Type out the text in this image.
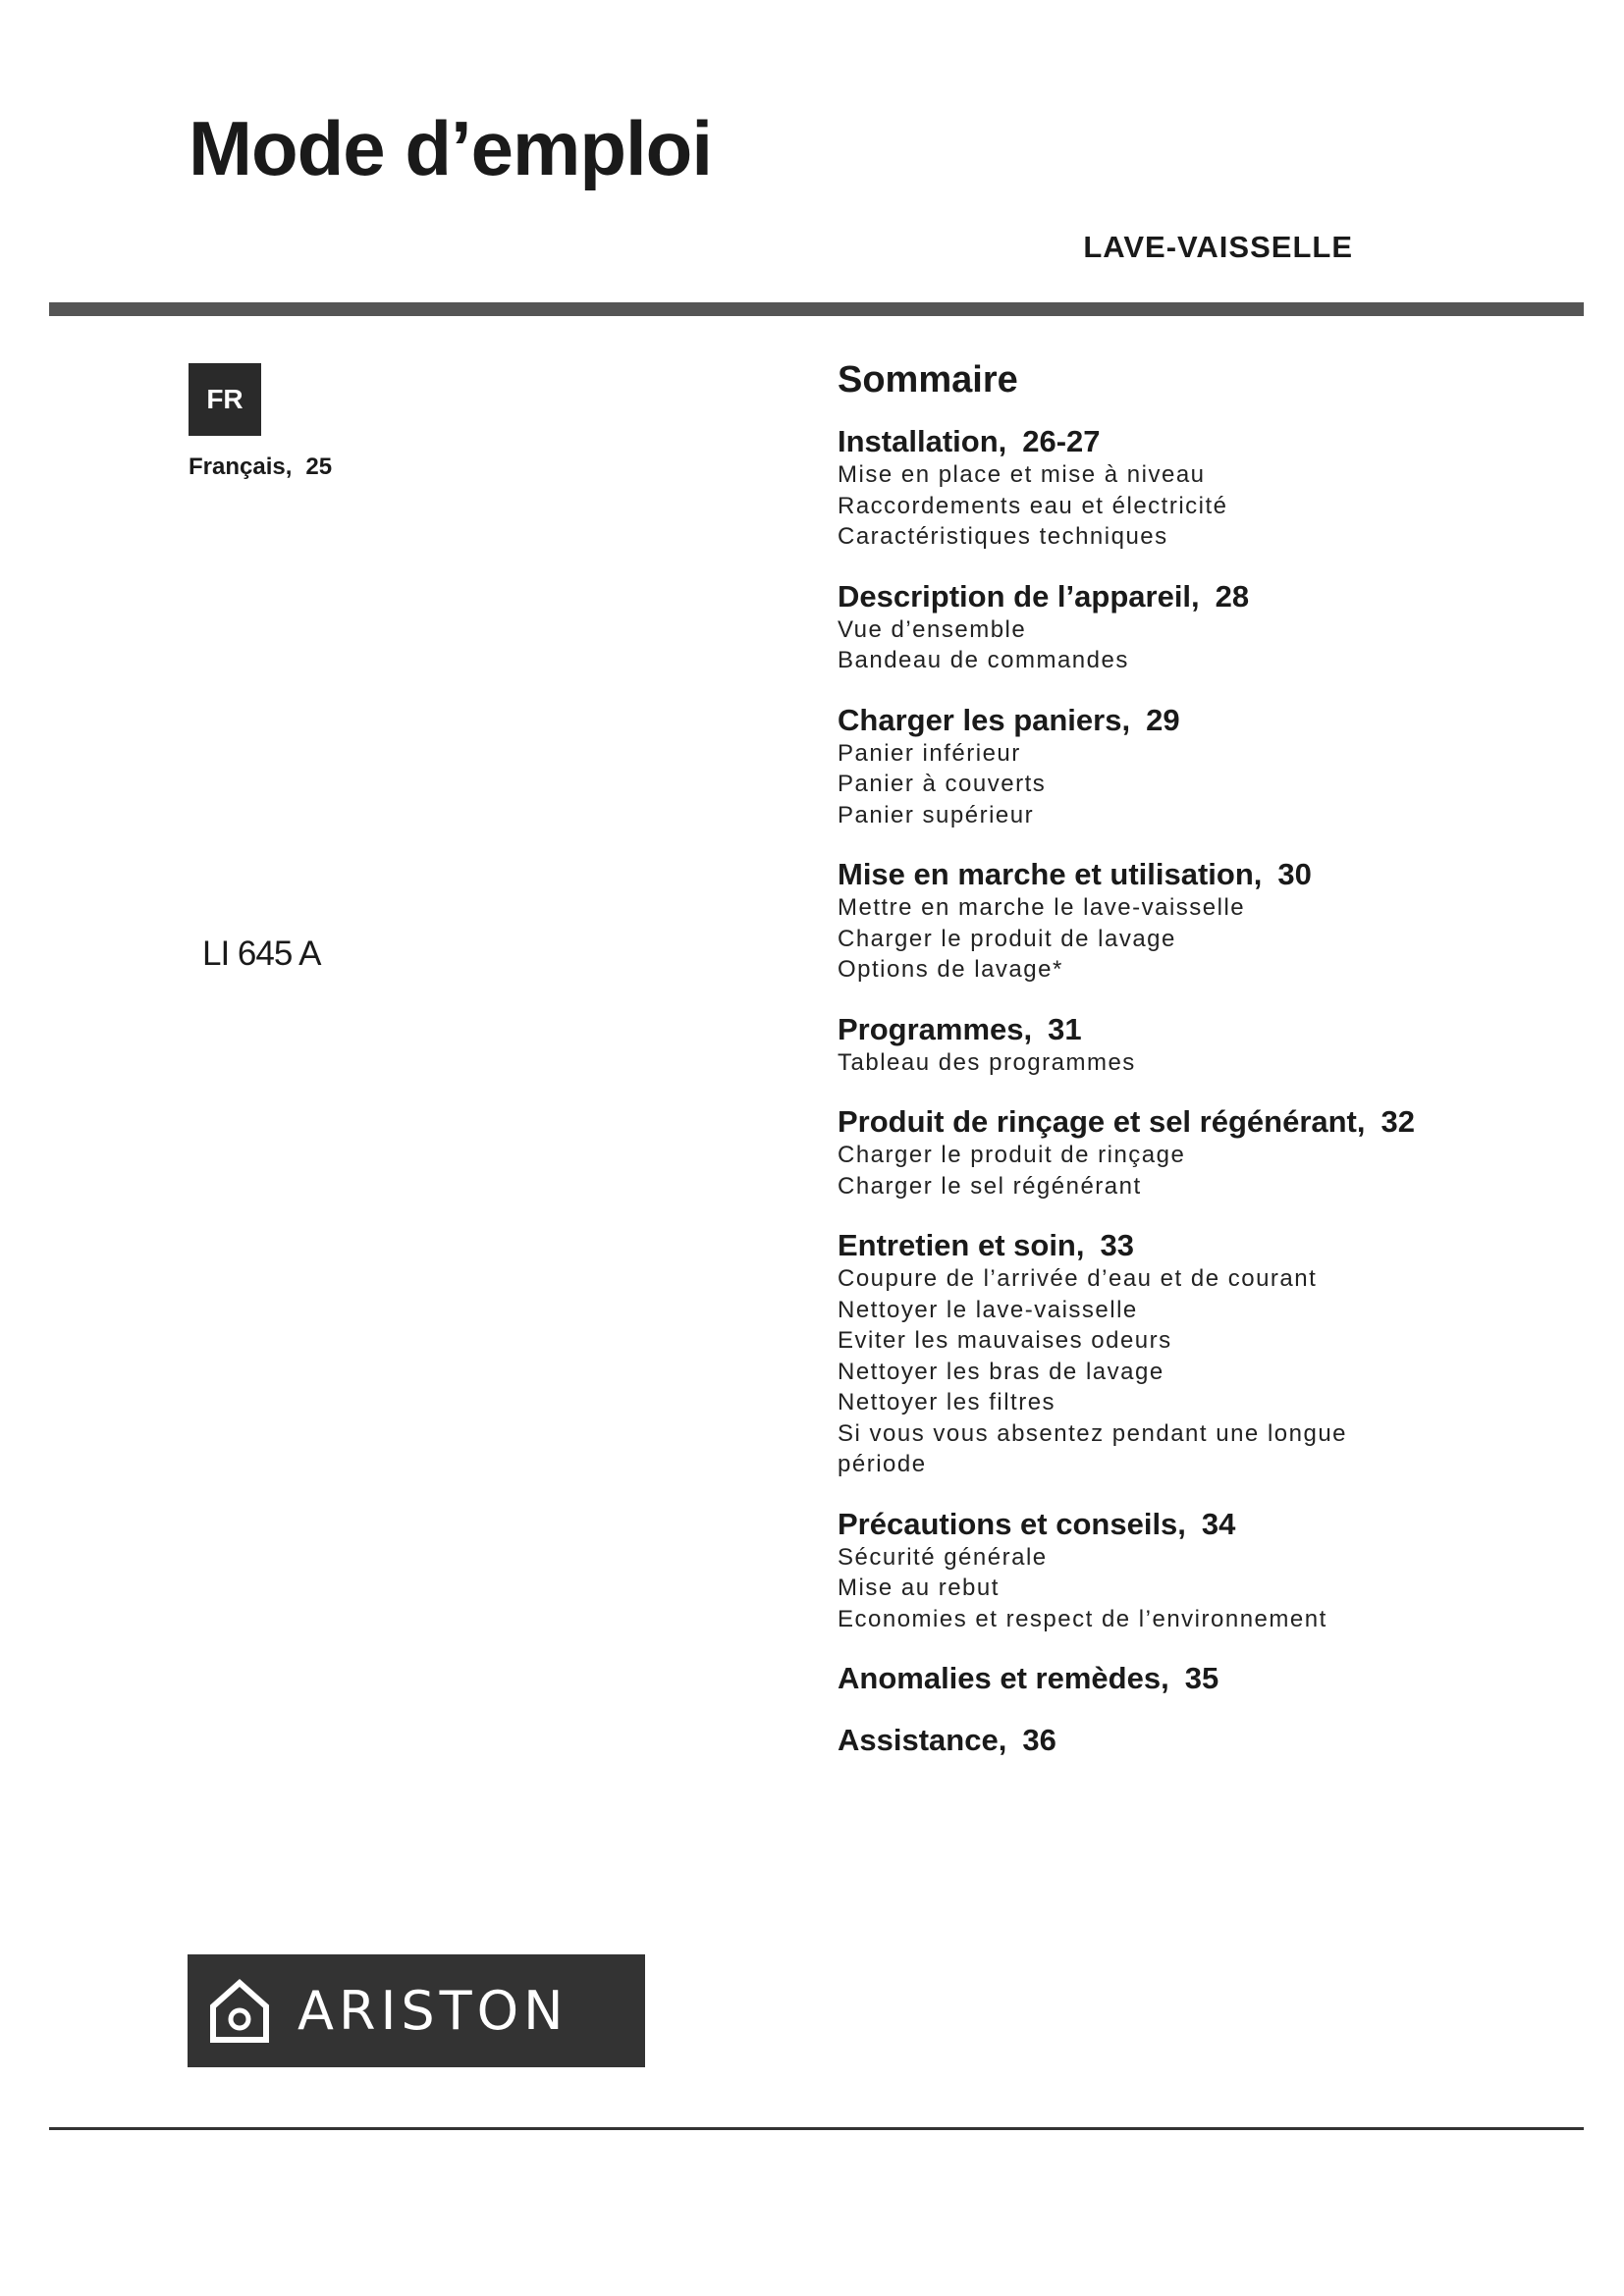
Mode d’emploi
LAVE-VAISSELLE
FR
Français, 25
LI 645 A
Sommaire
Installation, 26-27
Mise en place et mise à niveau
Raccordements eau et électricité
Caractéristiques techniques
Description de l’appareil, 28
Vue d’ensemble
Bandeau de commandes
Charger les paniers, 29
Panier inférieur
Panier à couverts
Panier supérieur
Mise en marche et utilisation, 30
Mettre en marche le lave-vaisselle
Charger le produit de lavage
Options de lavage*
Programmes, 31
Tableau des programmes
Produit de rinçage et sel régénérant, 32
Charger le produit de rinçage
Charger le sel régénérant
Entretien et soin, 33
Coupure de l’arrivée d’eau et de courant
Nettoyer le lave-vaisselle
Eviter les mauvaises odeurs
Nettoyer les bras de lavage
Nettoyer les filtres
Si vous vous absentez pendant une longue
période
Précautions et conseils, 34
Sécurité générale
Mise au rebut
Economies et respect de l’environnement
Anomalies et remèdes, 35
Assistance, 36
ARISTON
